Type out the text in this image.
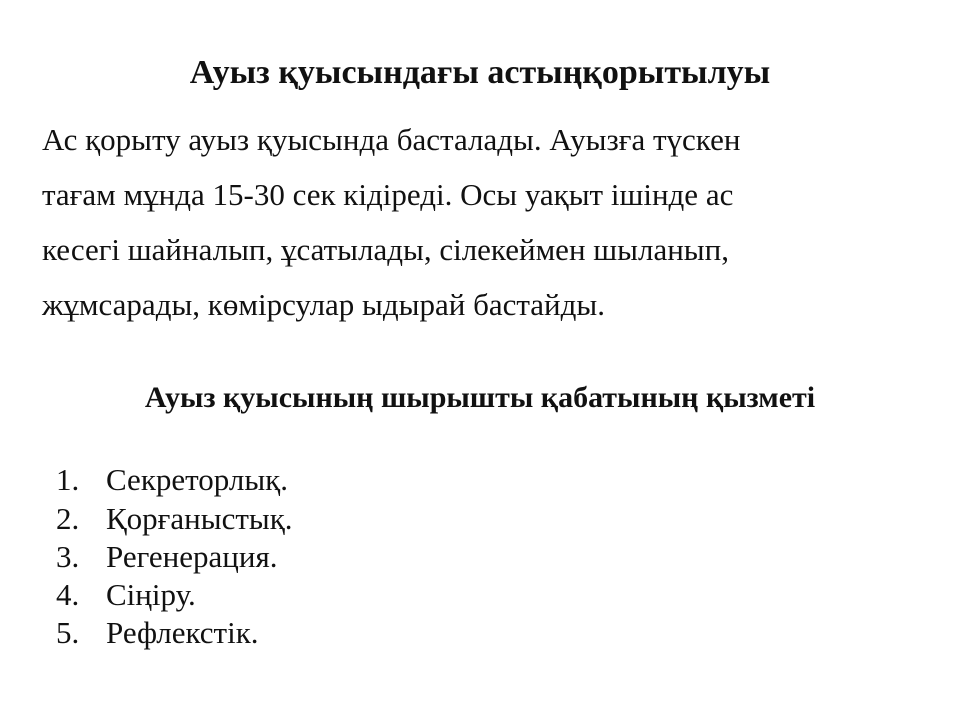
Ауыз қуысындағы астыңқорытылуы

Ас қорыту ауыз қуысында басталады. Ауызға түскен
тағам мұнда 15-30 сек кідіреді. Осы уақыт ішінде ас
кесегі шайналып, ұсатылады, сілекеймен шыланып,
жұмсарады, көмірсулар ыдырай бастайды.

Ауыз қуысының шырышты қабатының қызметі
1. Секреторлық.
2. Қорғаныстық.
3. Регенерация.
4. Сіңіру.
5. Рефлекстік.
